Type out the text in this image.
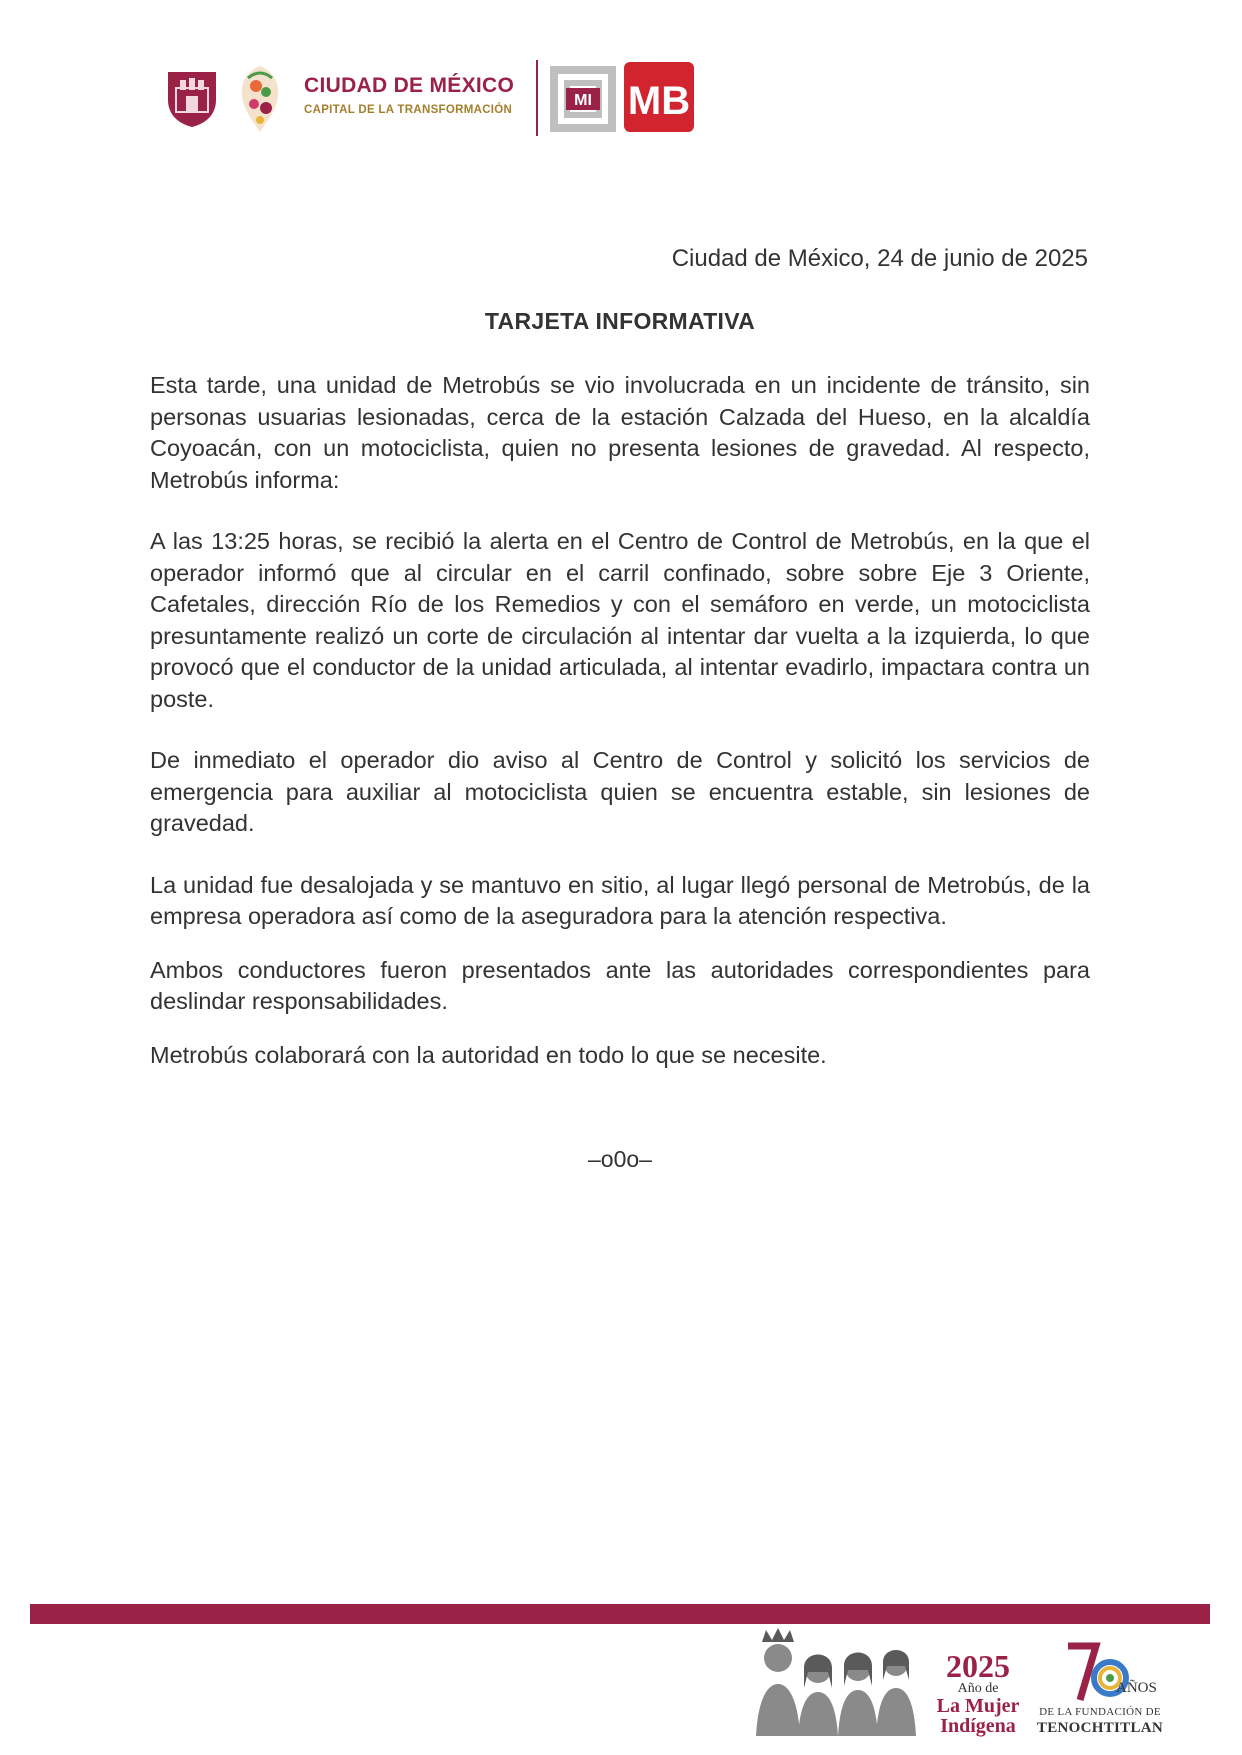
CIUDAD DE MÉXICO
CAPITAL DE LA TRANSFORMACIÓN
MI MB
Ciudad de México, 24 de junio de 2025
TARJETA INFORMATIVA

Esta tarde, una unidad de Metrobús se vio involucrada en un incidente de tránsito, sin personas usuarias lesionadas, cerca de la estación Calzada del Hueso, en la alcaldía Coyoacán, con un motociclista, quien no presenta lesiones de gravedad. Al respecto, Metrobús informa:

A las 13:25 horas, se recibió la alerta en el Centro de Control de Metrobús, en la que el operador informó que al circular en el carril confinado, sobre sobre Eje 3 Oriente, Cafetales, dirección Río de los Remedios y con el semáforo en verde, un motociclista presuntamente realizó un corte de circulación al intentar dar vuelta a la izquierda, lo que provocó que el conductor de la unidad articulada, al intentar evadirlo, impactara contra un poste.

De inmediato el operador dio aviso al Centro de Control y solicitó los servicios de emergencia para auxiliar al motociclista quien se encuentra estable, sin lesiones de gravedad.

La unidad fue desalojada y se mantuvo en sitio, al lugar llegó personal de Metrobús, de la empresa operadora así como de la aseguradora para la atención respectiva.

Ambos conductores fueron presentados ante las autoridades correspondientes para deslindar responsabilidades.

Metrobús colaborará con la autoridad en todo lo que se necesite.

–o0o–
2025
Año de
La Mujer
Indígena
70
AÑOS
DE LA FUNDACIÓN DE
TENOCHTITLAN
